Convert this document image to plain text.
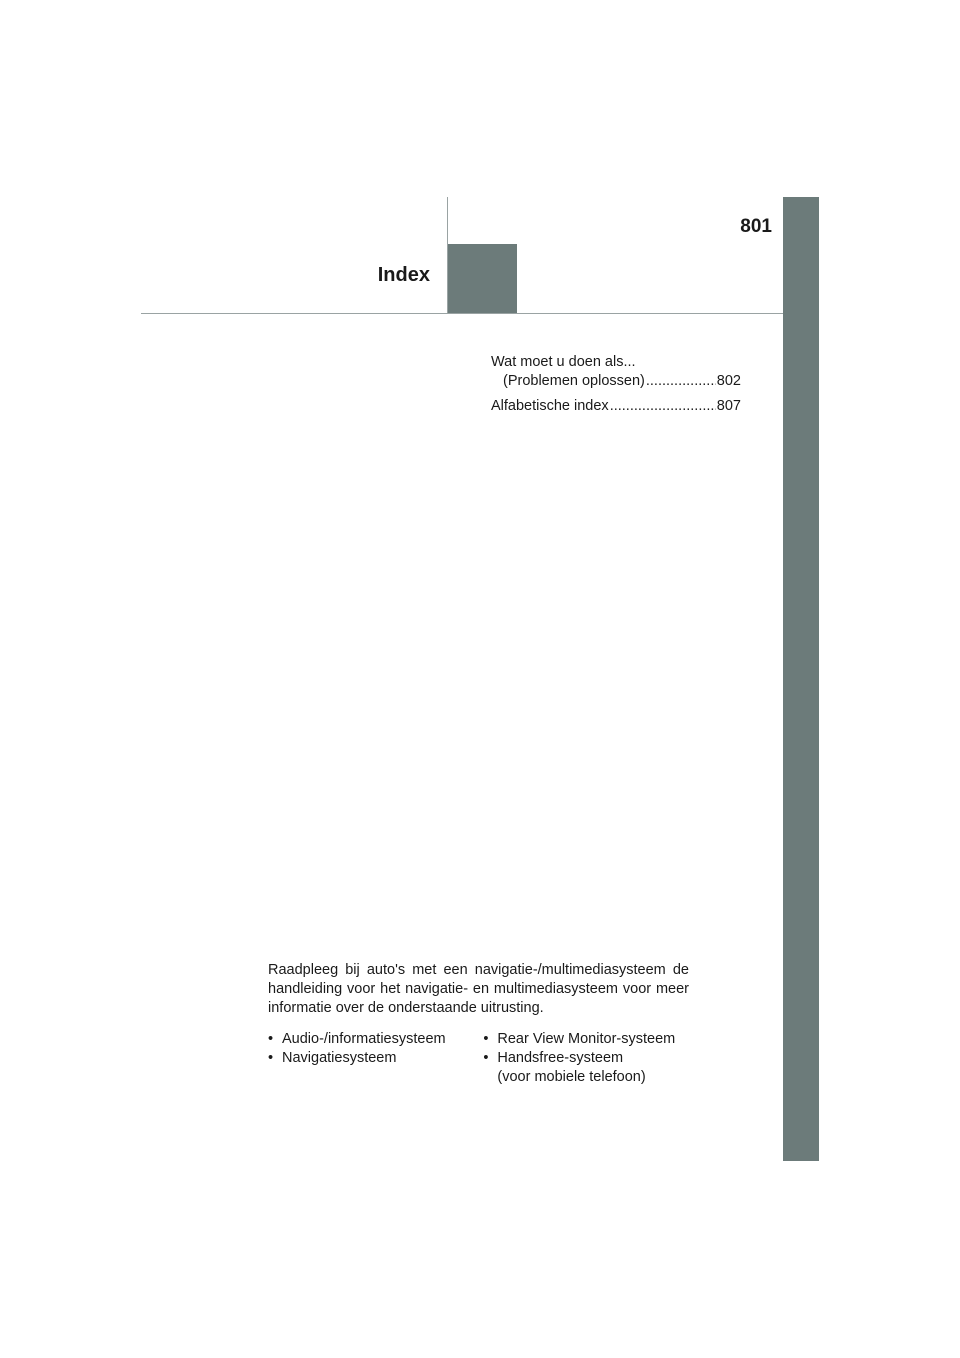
801
Index
Wat moet u doen als...
(Problemen oplossen) .....	802
Alfabetische index .....	807

Raadpleeg bij auto's met een navigatie-/multimediasysteem de handleiding voor het navigatie- en multimediasysteem voor meer informatie over de onderstaande uitrusting.

• Audio-/informatiesysteem
• Navigatiesysteem
• Rear View Monitor-systeem
• Handsfree-systeem
(voor mobiele telefoon)
